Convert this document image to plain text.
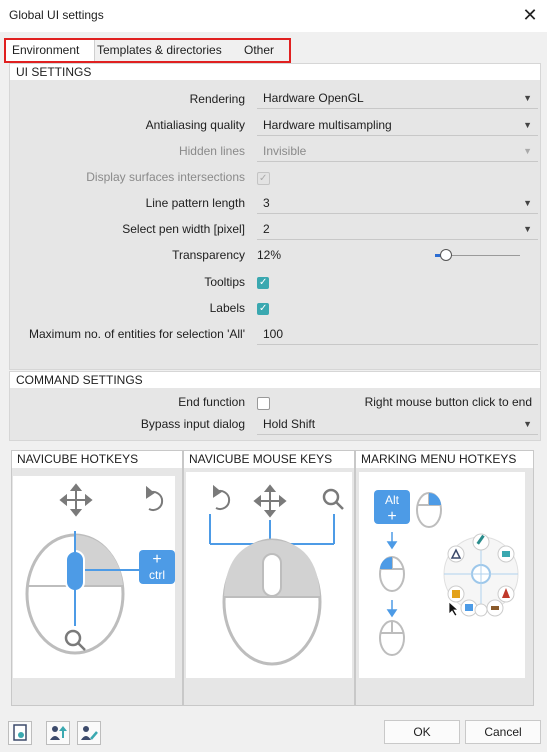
Global UI settings	✕
Environment	Templates & directories	Other
UI SETTINGS
Rendering	Hardware OpenGL	▼
Antialiasing quality	Hardware multisampling	▼
Hidden lines	Invisible	▼
Display surfaces intersections ✓
Line pattern length	3	▼
Select pen width [pixel]	2	▼
Transparency 12%
Tooltips ✓
Labels ✓
Maximum no. of entities for selection 'All'	100
COMMAND SETTINGS
End function	Right mouse button click to end
Bypass input dialog	Hold Shift	▼
NAVICUBE HOTKEYS
+
ctrl
NAVICUBE MOUSE KEYS	MARKING MENU HOTKEYS
Alt
+
OK	Cancel
